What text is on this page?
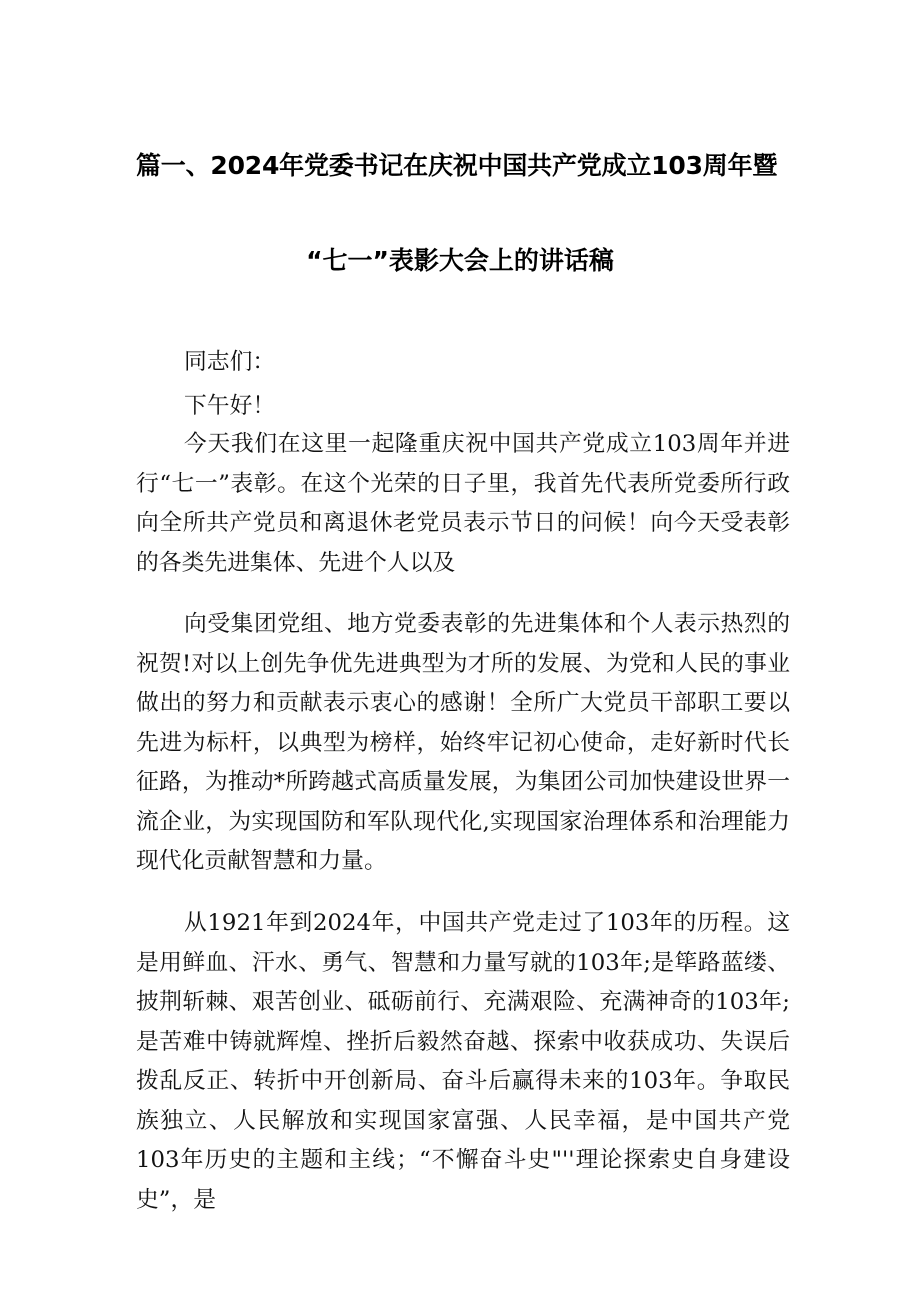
篇一、2024年党委书记在庆祝中国共产党成立103周年暨
“七一”表影大会上的讲话稿

同志们：

下午好！

今天我们在这里一起隆重庆祝中国共产党成立103周年并进行“七一”表彰。在这个光荣的日子里，我首先代表所党委所行政向全所共产党员和离退休老党员表示节日的问候！向今天受表彰的各类先进集体、先进个人以及

向受集团党组、地方党委表彰的先进集体和个人表示热烈的祝贺!对以上创先争优先进典型为才所的发展、为党和人民的事业做出的努力和贡献表示衷心的感谢！全所广大党员干部职工要以先进为标杆，以典型为榜样，始终牢记初心使命，走好新时代长征路，为推动*所跨越式高质量发展，为集团公司加快建设世界一流企业，为实现国防和军队现代化,实现国家治理体系和治理能力现代化贡献智慧和力量。

从1921年到2024年，中国共产党走过了103年的历程。这是用鲜血、汗水、勇气、智慧和力量写就的103年;是筚路蓝缕、披荆斩棘、艰苦创业、砥砺前行、充满艰险、充满神奇的103年;是苦难中铸就辉煌、挫折后毅然奋越、探索中收获成功、失误后拨乱反正、转折中开创新局、奋斗后赢得未来的103年。争取民族独立、人民解放和实现国家富强、人民幸福，是中国共产党103年历史的主题和主线；“不懈奋斗史"''理论探索史自身建设史”，是
